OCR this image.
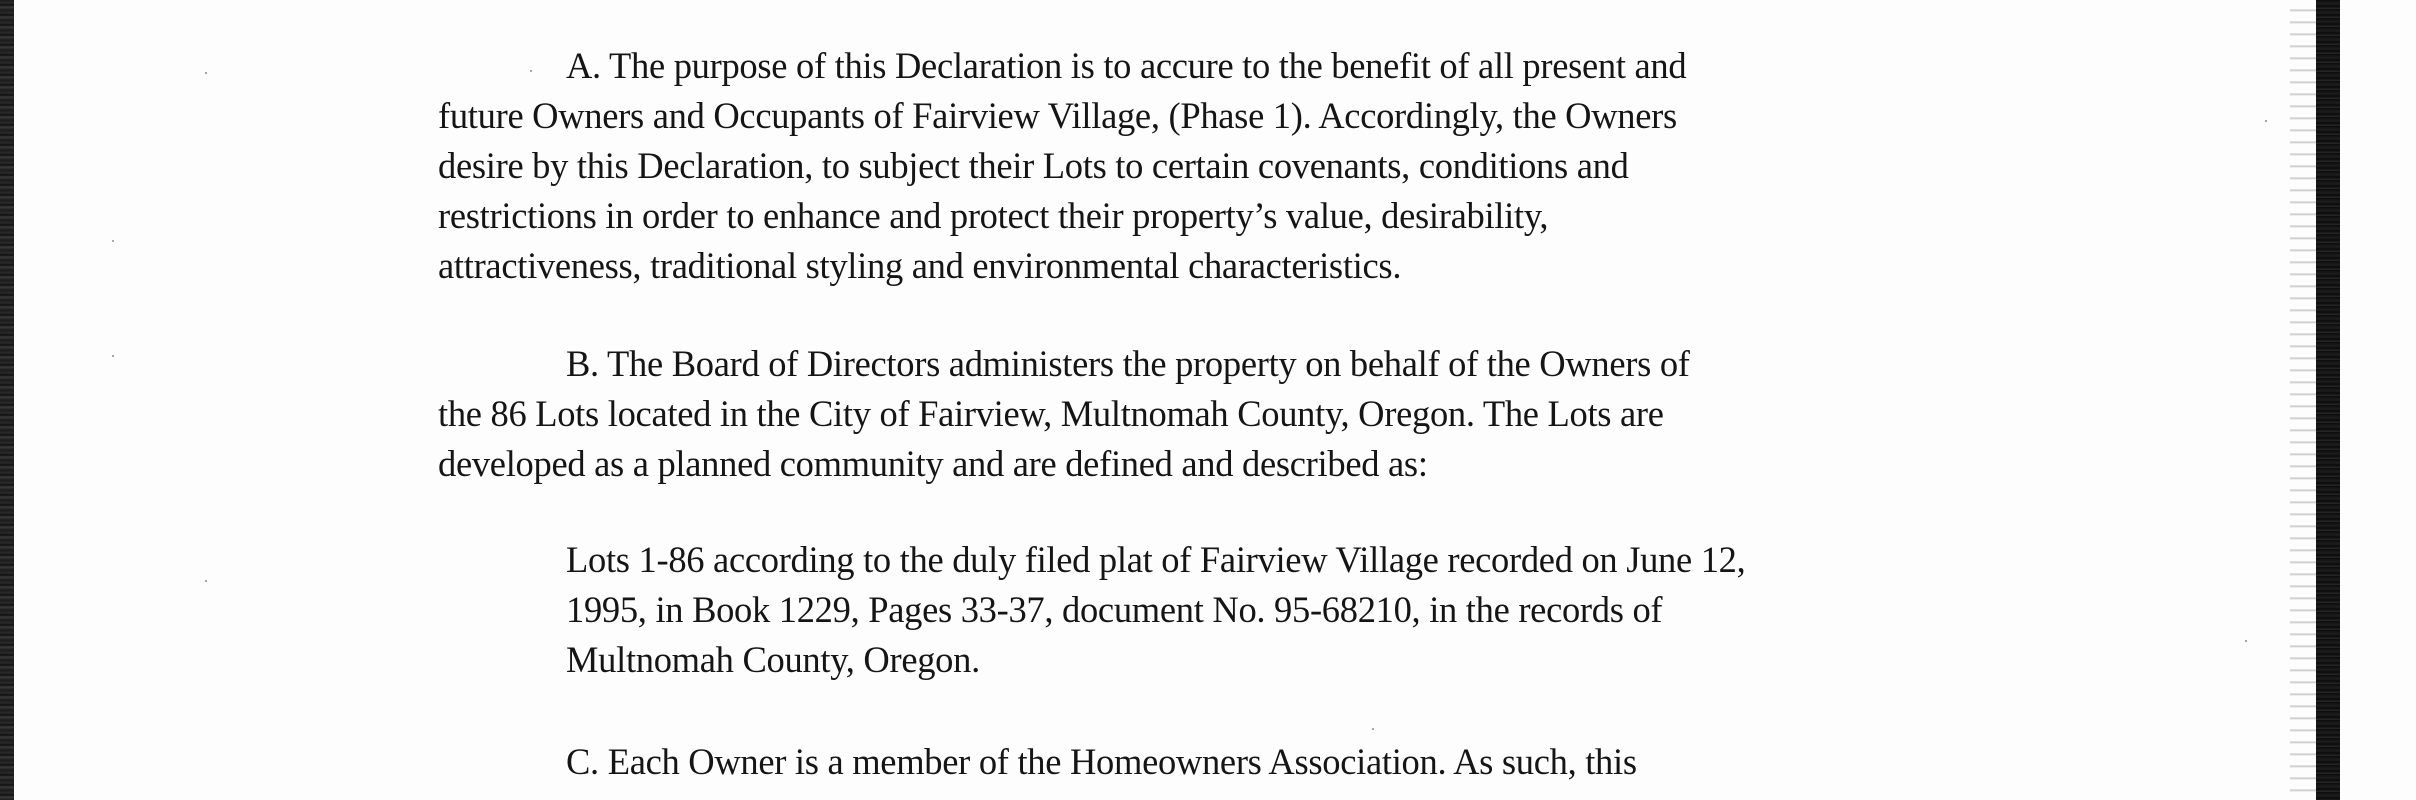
A. The purpose of this Declaration is to accure to the benefit of all present and
future Owners and Occupants of Fairview Village, (Phase 1). Accordingly, the Owners
desire by this Declaration, to subject their Lots to certain covenants, conditions and
restrictions in order to enhance and protect their property’s value, desirability,
attractiveness, traditional styling and environmental characteristics.
B. The Board of Directors administers the property on behalf of the Owners of
the 86 Lots located in the City of Fairview, Multnomah County, Oregon. The Lots are
developed as a planned community and are defined and described as:
Lots 1-86 according to the duly filed plat of Fairview Village recorded on June 12,
1995, in Book 1229, Pages 33-37, document No. 95-68210, in the records of
Multnomah County, Oregon.
C. Each Owner is a member of the Homeowners Association. As such, this
